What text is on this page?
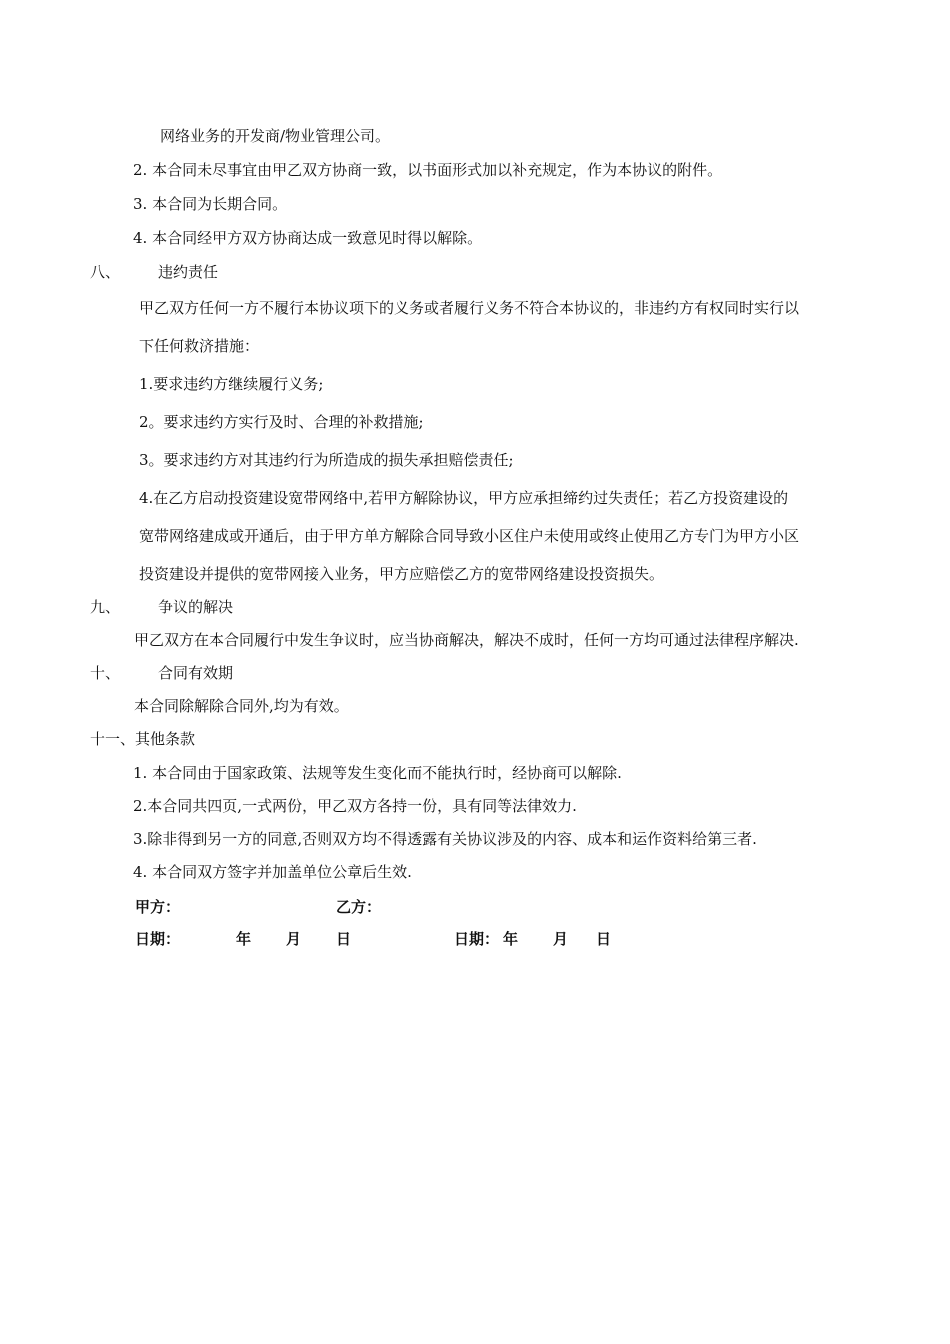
网络业务的开发商/物业管理公司。
2. 本合同未尽事宜由甲乙双方协商一致，以书面形式加以补充规定，作为本协议的附件。
3. 本合同为长期合同。
4. 本合同经甲方双方协商达成一致意见时得以解除。
八、	违约责任
甲乙双方任何一方不履行本协议项下的义务或者履行义务不符合本协议的，非违约方有权同时实行以
下任何救济措施：
1.要求违约方继续履行义务;
2。要求违约方实行及时、合理的补救措施;
3。要求违约方对其违约行为所造成的损失承担赔偿责任;
4.在乙方启动投资建设宽带网络中,若甲方解除协议，甲方应承担缔约过失责任；若乙方投资建设的
宽带网络建成或开通后，由于甲方单方解除合同导致小区住户未使用或终止使用乙方专门为甲方小区
投资建设并提供的宽带网接入业务，甲方应赔偿乙方的宽带网络建设投资损失。
九、	争议的解决
甲乙双方在本合同履行中发生争议时，应当协商解决，解决不成时，任何一方均可通过法律程序解决.
十、	合同有效期
本合同除解除合同外,均为有效。
十一、其他条款
1. 本合同由于国家政策、法规等发生变化而不能执行时，经协商可以解除.
2.本合同共四页,一式两份，甲乙双方各持一份，具有同等法律效力.
3.除非得到另一方的同意,否则双方均不得透露有关协议涉及的内容、成本和运作资料给第三者.
4. 本合同双方签字并加盖单位公章后生效.
甲方：	乙方：
日期：	年 月 日	日期： 年 月 日
